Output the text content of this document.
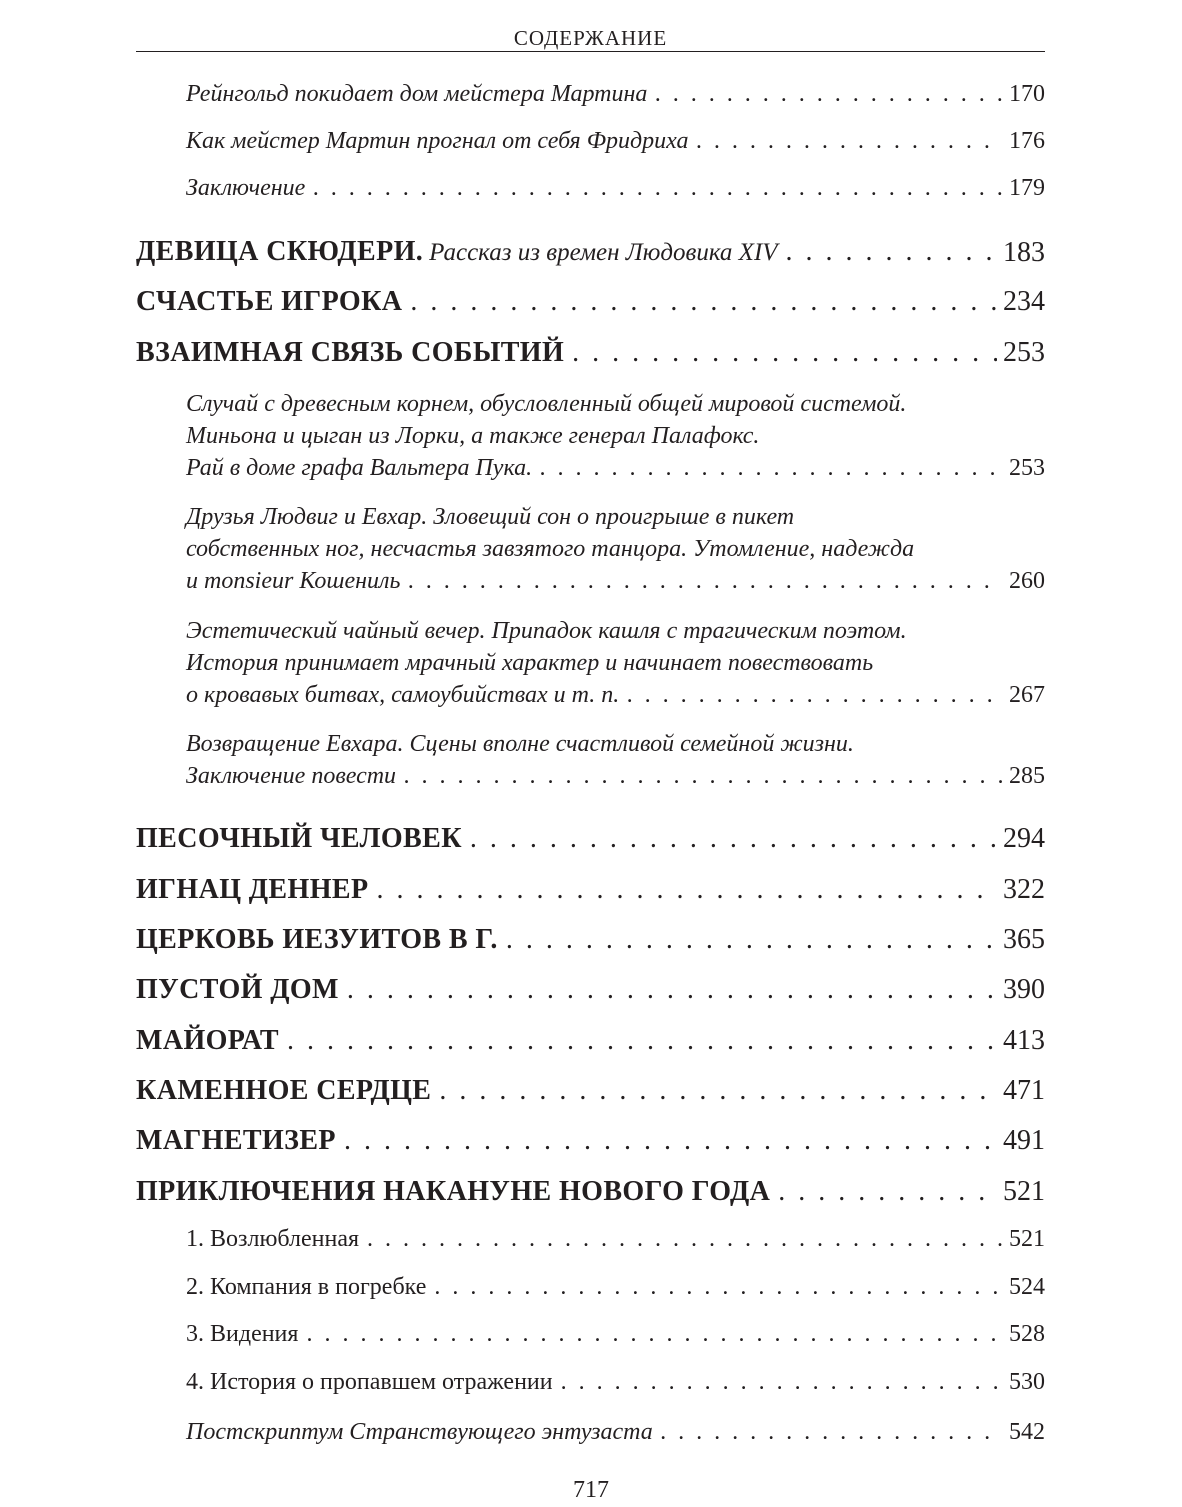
СОДЕРЖАНИЕ
Рейнгольд покидает дом мейстера Мартина . . .	170
Как мейстер Мартин прогнал от себя Фридриха . . .	176
Заключение . . .	179
ДЕВИЦА СКЮДЕРИ. Рассказ из времен Людовика XIV . . .	183
СЧАСТЬЕ ИГРОКА . . .	234
ВЗАИМНАЯ СВЯЗЬ СОБЫТИЙ . . .	253
Случай с древесным корнем, обусловленный общей мировой системой.
Миньона и цыган из Лорки, а также генерал Палафокс.
Рай в доме графа Вальтера Пука. . . .	253
Друзья Людвиг и Евхар. Зловещий сон о проигрыше в пикет
собственных ног, несчастья завзятого танцора. Утомление, надежда
и monsieur Кошениль . . .	260
Эстетический чайный вечер. Припадок кашля с трагическим поэтом.
История принимает мрачный характер и начинает повествовать
о кровавых битвах, самоубийствах и т. п. . . .	267
Возвращение Евхара. Сцены вполне счастливой семейной жизни.
Заключение повести . . .	285
ПЕСОЧНЫЙ ЧЕЛОВЕК . . .	294
ИГНАЦ ДЕННЕР . . .	322
ЦЕРКОВЬ ИЕЗУИТОВ В Г. . . .	365
ПУСТОЙ ДОМ . . .	390
МАЙОРАТ . . .	413
КАМЕННОЕ СЕРДЦЕ . . .	471
МАГНЕТИЗЕР . . .	491
ПРИКЛЮЧЕНИЯ НАКАНУНЕ НОВОГО ГОДА . . .	521
1. Возлюбленная . . .	521
2. Компания в погребке . . .	524
3. Видения . . .	528
4. История о пропавшем отражении . . .	530
Постскриптум Странствующего энтузаста . . .	542
717
